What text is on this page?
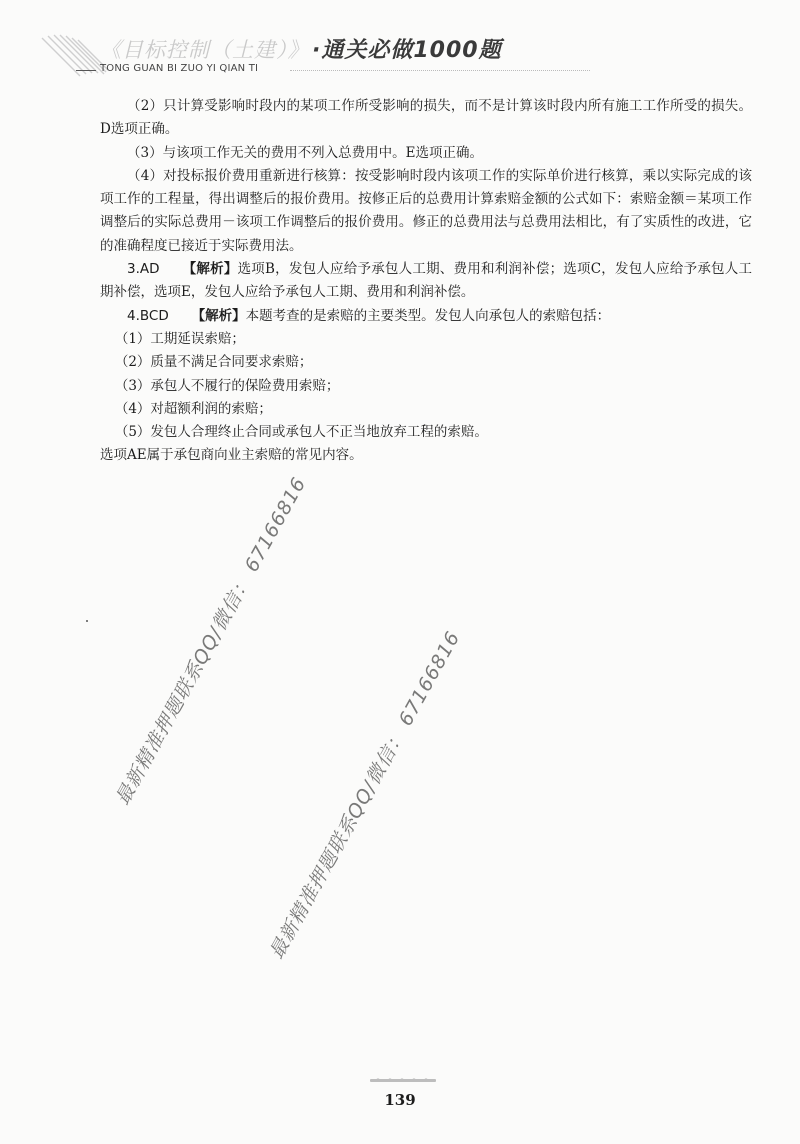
《目标控制（土建）》 ·通关必做1000题
TONG GUAN BI ZUO YI QIAN TI

（2）只计算受影响时段内的某项工作所受影响的损失，而不是计算该时段内所有施工工作所受的损失。D选项正确。

（3）与该项工作无关的费用不列入总费用中。E选项正确。

（4）对投标报价费用重新进行核算：按受影响时段内该项工作的实际单价进行核算，乘以实际完成的该项工作的工程量，得出调整后的报价费用。按修正后的总费用计算索赔金额的公式如下：索赔金额＝某项工作调整后的实际总费用－该项工作调整后的报价费用。修正的总费用法与总费用法相比，有了实质性的改进，它的准确程度已接近于实际费用法。

3.AD 【解析】选项B，发包人应给予承包人工期、费用和利润补偿；选项C，发包人应给予承包人工期补偿，选项E，发包人应给予承包人工期、费用和利润补偿。

4.BCD 【解析】本题考查的是索赔的主要类型。发包人向承包人的索赔包括：

（1）工期延误索赔；

（2）质量不满足合同要求索赔；

（3）承包人不履行的保险费用索赔；

（4）对超额利润的索赔；

（5）发包人合理终止合同或承包人不正当地放弃工程的索赔。

选项AE属于承包商向业主索赔的常见内容。

最新精准押题联系QQ/微信： 67166816
最新精准押题联系QQ/微信： 67166816
139
